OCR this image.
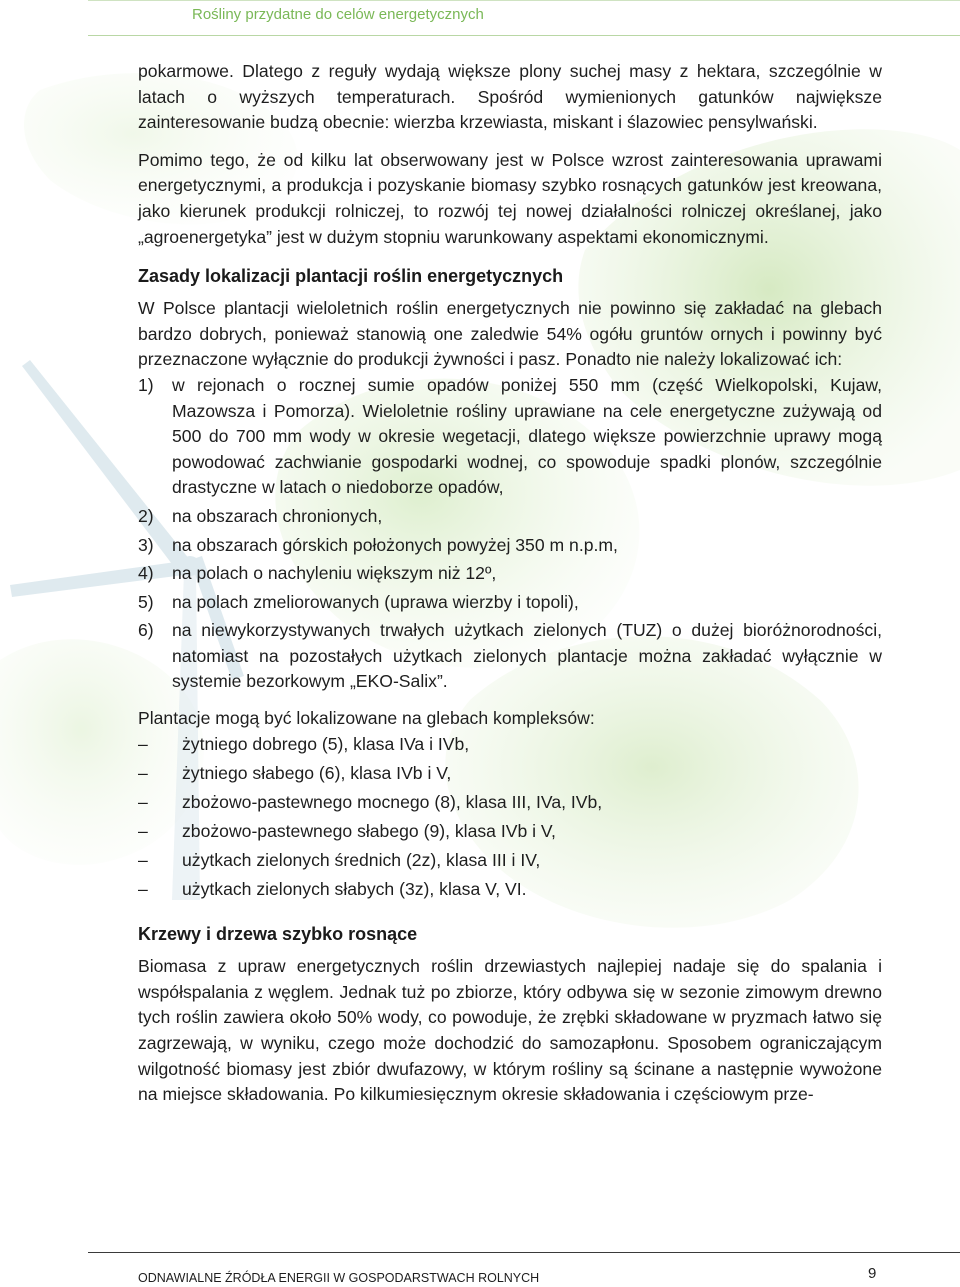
Rośliny przydatne do celów energetycznych

pokarmowe. Dlatego z reguły wydają większe plony suchej masy z hektara, szczególnie w latach o wyższych temperaturach. Spośród wymienionych gatunków największe zainteresowanie budzą obecnie: wierzba krzewiasta, miskant i ślazowiec pensylwański.

Pomimo tego, że od kilku lat obserwowany jest w Polsce wzrost zainteresowania uprawami energetycznymi, a produkcja i pozyskanie biomasy szybko rosnących gatunków jest kreowana, jako kierunek produkcji rolniczej, to rozwój tej nowej działalności rolniczej określanej, jako „agroenergetyka” jest w dużym stopniu warunkowany aspektami ekonomicznymi.

Zasady lokalizacji plantacji roślin energetycznych

W Polsce plantacji wieloletnich roślin energetycznych nie powinno się zakładać na glebach bardzo dobrych, ponieważ stanowią one zaledwie 54% ogółu gruntów ornych i powinny być przeznaczone wyłącznie do produkcji żywności i pasz. Ponadto nie należy lokalizować ich:

1) w rejonach o rocznej sumie opadów poniżej 550 mm (część Wielkopolski, Kujaw, Mazowsza i Pomorza). Wieloletnie rośliny uprawiane na cele energetyczne zużywają od 500 do 700 mm wody w okresie wegetacji, dlatego większe powierzchnie uprawy mogą powodować zachwianie gospodarki wodnej, co spowoduje spadki plonów, szczególnie drastyczne w latach o niedoborze opadów,
2) na obszarach chronionych,
3) na obszarach górskich położonych powyżej 350 m n.p.m,
4) na polach o nachyleniu większym niż 12º,
5) na polach zmeliorowanych (uprawa wierzby i topoli),
6) na niewykorzystywanych trwałych użytkach zielonych (TUZ) o dużej bioróżnorodności, natomiast na pozostałych użytkach zielonych plantacje można zakładać wyłącznie w systemie bezorkowym „EKO-Salix”.

Plantacje mogą być lokalizowane na glebach kompleksów:

– żytniego dobrego (5), klasa IVa i IVb,
– żytniego słabego (6), klasa IVb i V,
– zbożowo-pastewnego mocnego (8), klasa III, IVa, IVb,
– zbożowo-pastewnego słabego (9), klasa IVb i V,
– użytkach zielonych średnich (2z), klasa III i IV,
– użytkach zielonych słabych (3z), klasa V, VI.
Krzewy i drzewa szybko rosnące

Biomasa z upraw energetycznych roślin drzewiastych najlepiej nadaje się do spalania i współspalania z węglem. Jednak tuż po zbiorze, który odbywa się w sezonie zimowym drewno tych roślin zawiera około 50% wody, co powoduje, że zrębki składowane w pryzmach łatwo się zagrzewają, w wyniku, czego może dochodzić do samozapłonu. Sposobem ograniczającym wilgotność biomasy jest zbiór dwufazowy, w którym rośliny są ścinane a następnie wywożone na miejsce składowania. Po kilkumiesięcznym okresie składowania i częściowym prze-

ODNAWIALNE ŹRÓDŁA ENERGII W GOSPODARSTWACH ROLNYCH	9
